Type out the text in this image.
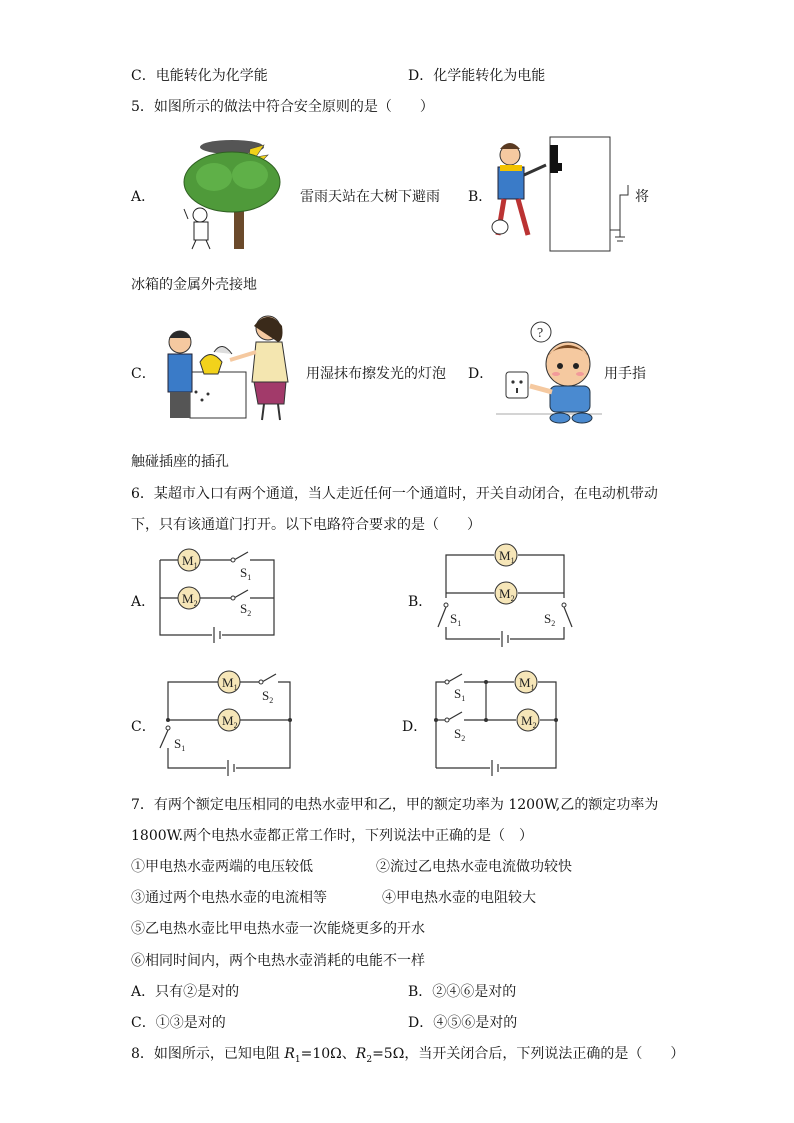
C．电能转化为化学能	D．化学能转化为电能
5．如图所示的做法中符合安全原则的是（　　）
A．	雷雨天站在大树下避雨 B．	将
冰箱的金属外壳接地
C．	用湿抹布擦发光的灯泡 D．
?
用手指
触碰插座的插孔
6．某超市入口有两个通道，当人走近任何一个通道时，开关自动闭合，在电动机带动
下，只有该通道门打开。以下电路符合要求的是（　　）
A．
$M_1$
$M_2$
$S_1$
$S_2$
B．
$M_1$
$M_2$
$S_1$	$S_2$
C．
$M_1$
$M_2$
$S_2$
$S_1$
D．
$M_1$
$M_2$
$S_1$
$S_2$
7．有两个额定电压相同的电热水壶甲和乙，甲的额定功率为 1200W,乙的额定功率为
1800W.两个电热水壶都正常工作时，下列说法中正确的是（　）
①甲电热水壶两端的电压较低	②流过乙电热水壶电流做功较快
③通过两个电热水壶的电流相等	④甲电热水壶的电阻较大
⑤乙电热水壶比甲电热水壶一次能烧更多的开水
⑥相同时间内，两个电热水壶消耗的电能不一样
A．只有②是对的	B．②④⑥是对的
C．①③是对的	D．④⑤⑥是对的
8．如图所示，已知电阻 $R_1=10\Omega$、$R_2=5\Omega$，当开关闭合后，下列说法正确的是（　　）
